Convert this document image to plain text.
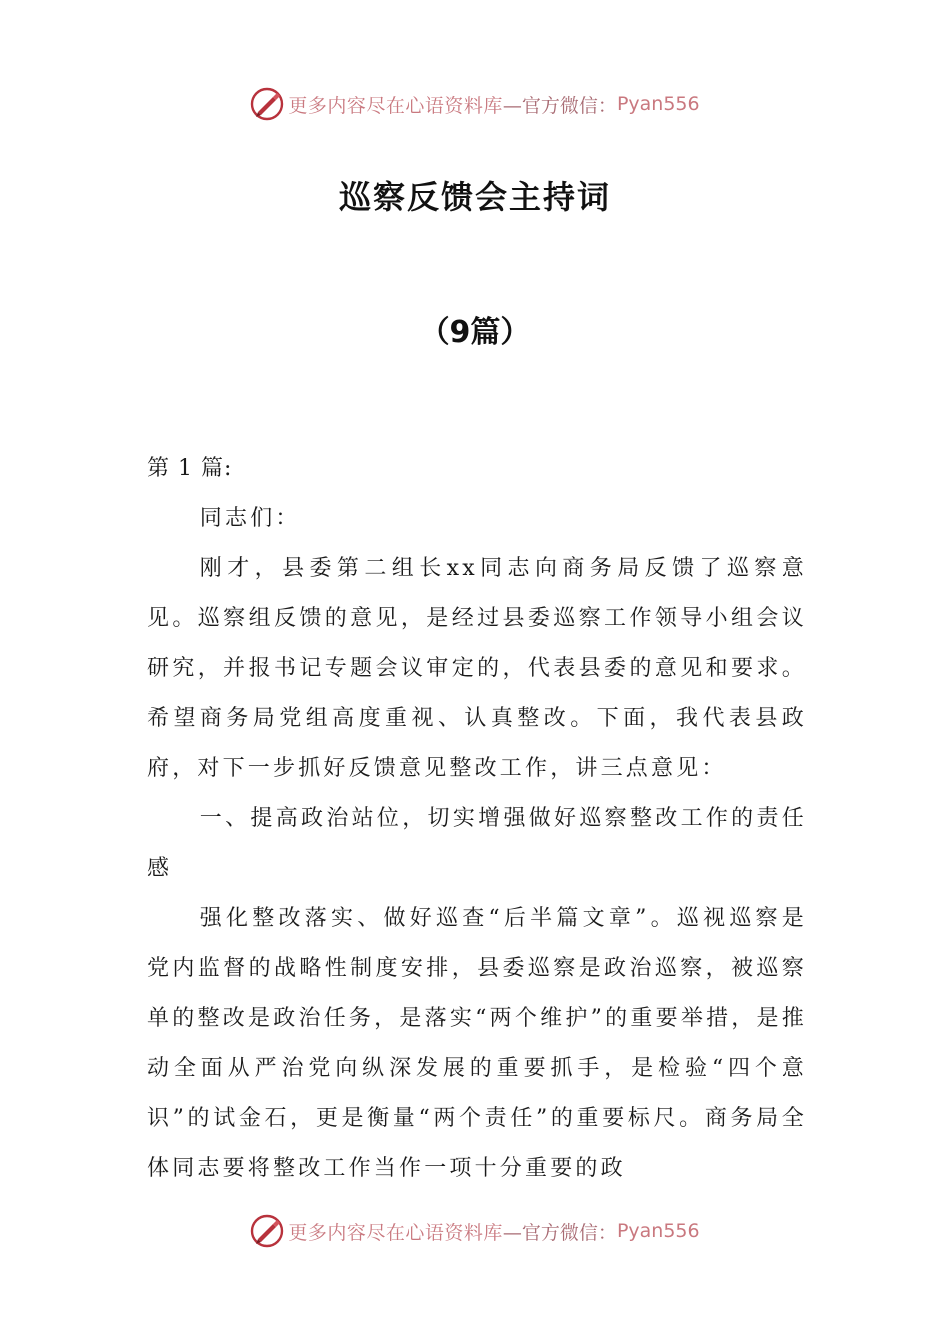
更多内容尽在心语资料库 —官方微信： Pyan556
巡察反馈会主持词
（9篇）

第 1 篇:

同志们：

刚才，县委第二组长xx同志向商务局反馈了巡察意见。巡察组反馈的意见，是经过县委巡察工作领导小组会议研究，并报书记专题会议审定的，代表县委的意见和要求。希望商务局党组高度重视、认真整改。下面，我代表县政府，对下一步抓好反馈意见整改工作，讲三点意见：

一、提高政治站位，切实增强做好巡察整改工作的责任感

强化整改落实、做好巡查“后半篇文章”。巡视巡察是党内监督的战略性制度安排，县委巡察是政治巡察，被巡察单的整改是政治任务，是落实“两个维护”的重要举措，是推动全面从严治党向纵深发展的重要抓手，是检验“四个意识”的试金石，更是衡量“两个责任”的重要标尺。商务局全体同志要将整改工作当作一项十分重要的政

更多内容尽在心语资料库 —官方微信： Pyan556
